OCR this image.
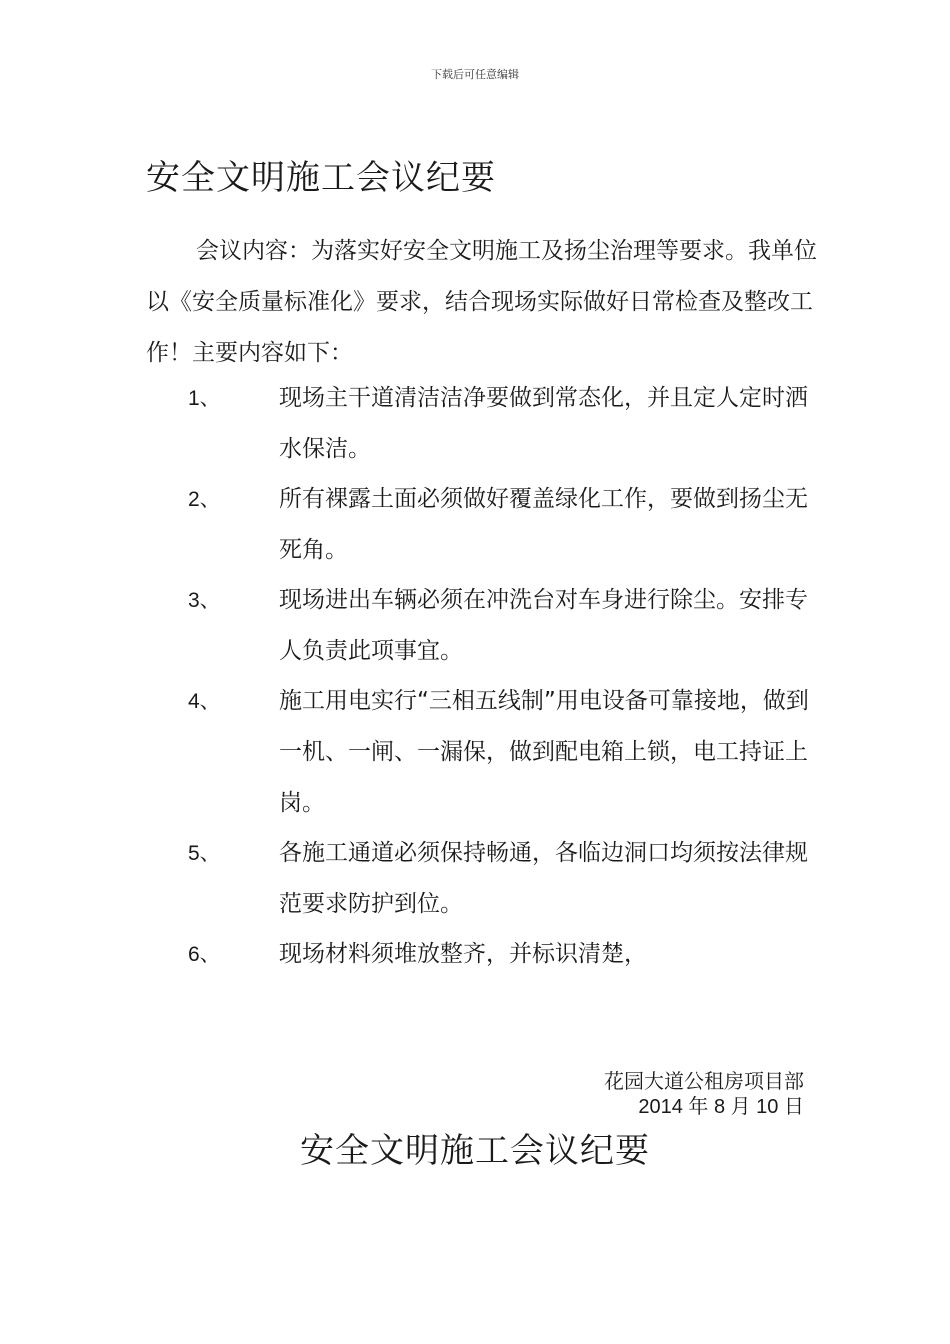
下载后可任意编辑
安全文明施工会议纪要

会议内容：为落实好安全文明施工及扬尘治理等要求。我单位以《安全质量标准化》要求，结合现场实际做好日常检查及整改工作！主要内容如下：

1、	现场主干道清洁洁净要做到常态化，并且定人定时洒水保洁。
2、	所有裸露土面必须做好覆盖绿化工作，要做到扬尘无死角。
3、	现场进出车辆必须在冲洗台对车身进行除尘。安排专人负责此项事宜。
4、	施工用电实行“三相五线制”用电设备可靠接地，做到一机、一闸、一漏保，做到配电箱上锁，电工持证上岗。
5、	各施工通道必须保持畅通，各临边洞口均须按法律规范要求防护到位。
6、	现场材料须堆放整齐，并标识清楚，
花园大道公租房项目部
2014 年 8 月 10 日
安全文明施工会议纪要
